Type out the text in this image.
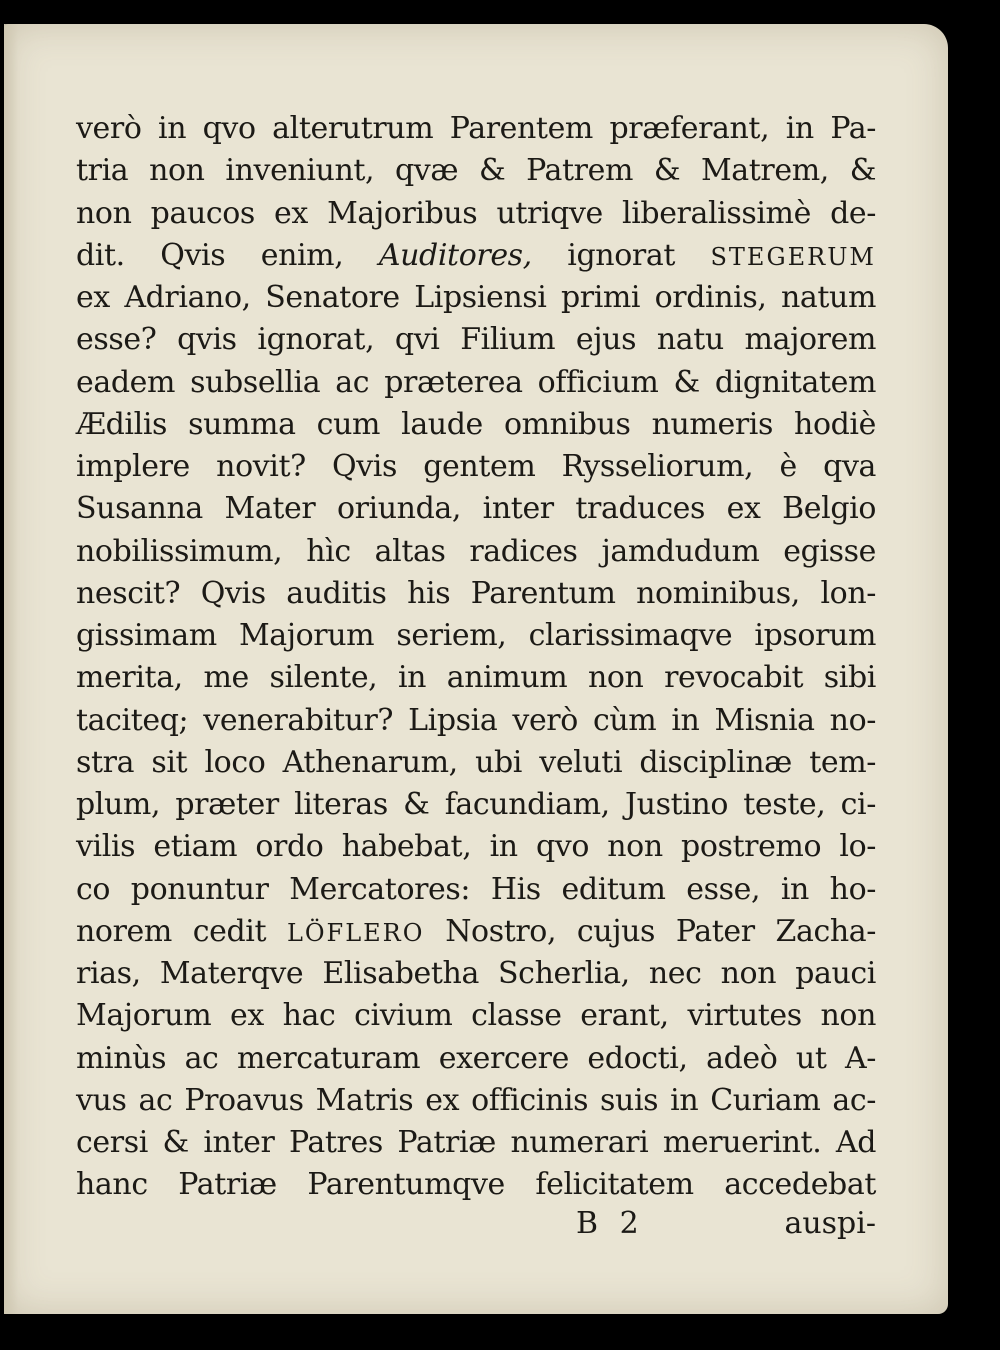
verò in qvo alterutrum Parentem præferant, in Pa-
tria non inveniunt, qvæ & Patrem & Matrem, &
non paucos ex Majoribus utriqve liberalissimè de-
dit. Qvis enim, Auditores, ignorat STEGERUM
ex Adriano, Senatore Lipsiensi primi ordinis, natum
esse? qvis ignorat, qvi Filium ejus natu majorem
eadem subsellia ac præterea officium & dignitatem
Ædilis summa cum laude omnibus numeris hodiè
implere novit? Qvis gentem Rysseliorum, è qva
Susanna Mater oriunda, inter traduces ex Belgio
nobilissimum, hìc altas radices jamdudum egisse
nescit? Qvis auditis his Parentum nominibus, lon-
gissimam Majorum seriem, clarissimaqve ipsorum
merita, me silente, in animum non revocabit sibi
taciteq; venerabitur? Lipsia verò cùm in Misnia no-
stra sit loco Athenarum, ubi veluti disciplinæ tem-
plum, præter literas & facundiam, Justino teste, ci-
vilis etiam ordo habebat, in qvo non postremo lo-
co ponuntur Mercatores: His editum esse, in ho-
norem cedit LÖFLERO Nostro, cujus Pater Zacha-
rias, Materqve Elisabetha Scherlia, nec non pauci
Majorum ex hac civium classe erant, virtutes non
minùs ac mercaturam exercere edocti, adeò ut A-
vus ac Proavus Matris ex officinis suis in Curiam ac-
cersi & inter Patres Patriæ numerari meruerint. Ad
hanc Patriæ Parentumqve felicitatem accedebat
B 2	auspi-
